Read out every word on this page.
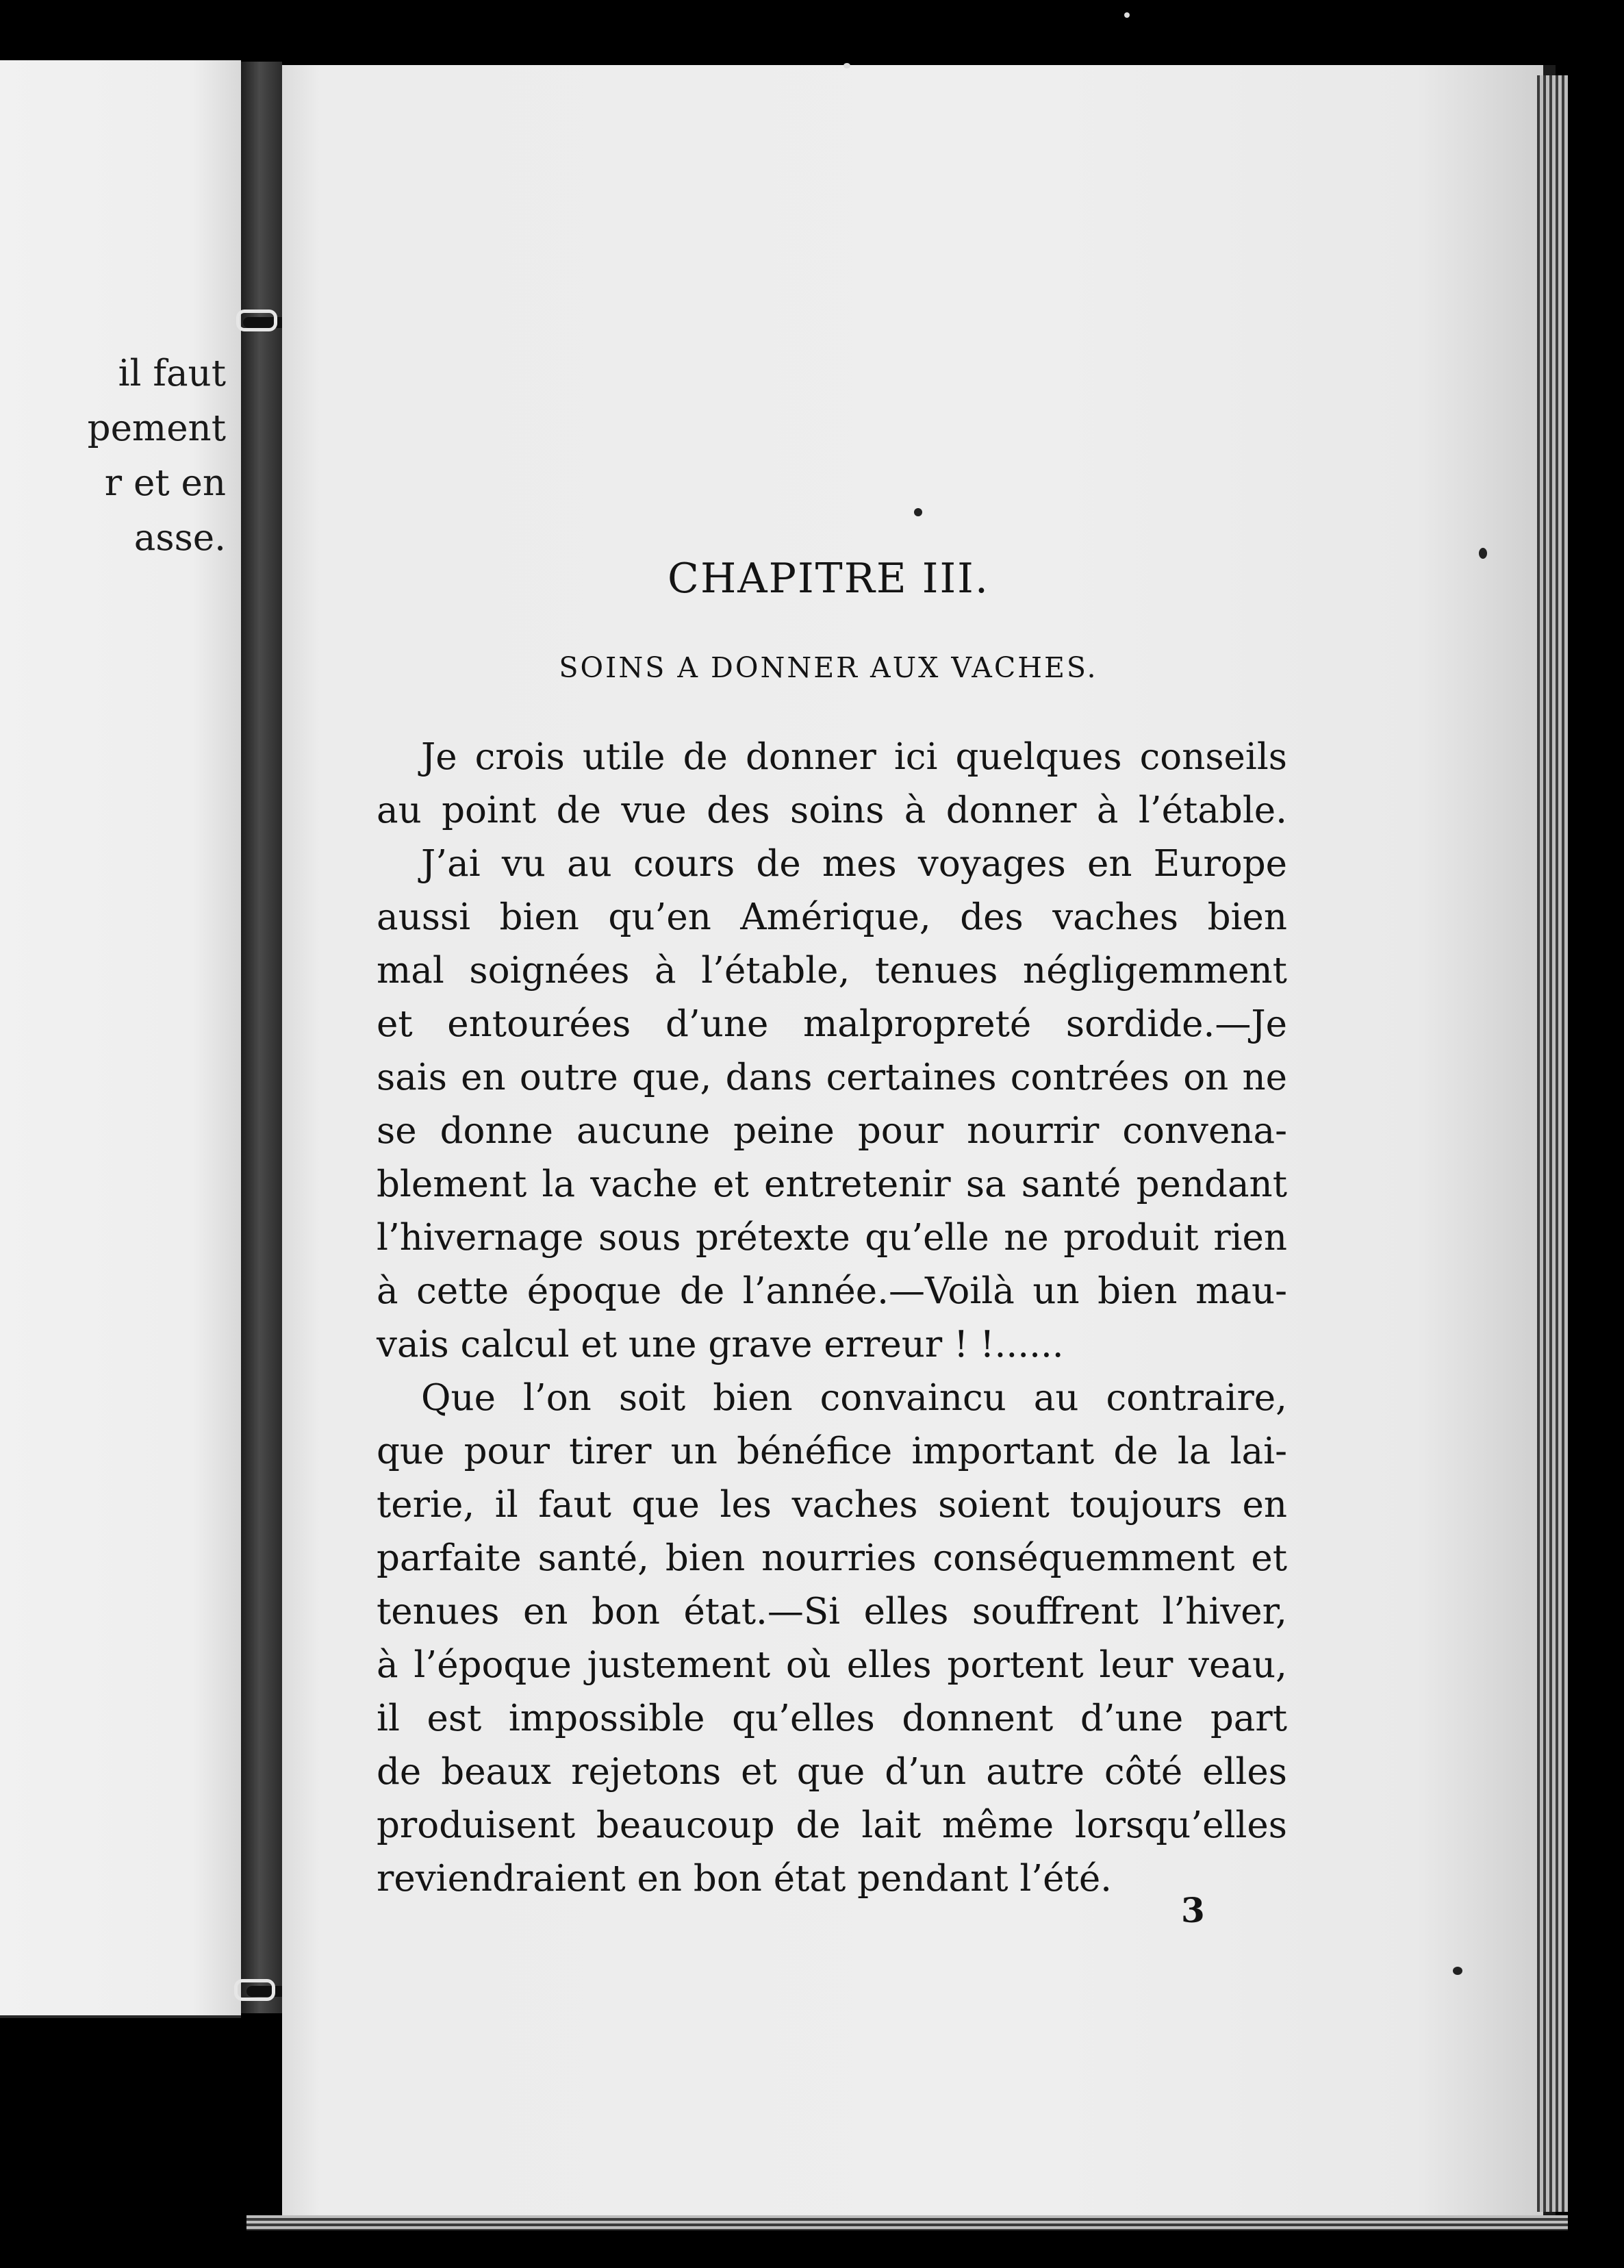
il faut
pement
r et en
asse.
CHAPITRE III.
SOINS A DONNER AUX VACHES.
Je crois utile de donner ici quelques conseils
au point de vue des soins à donner à l’étable.
J’ai vu au cours de mes voyages en Europe
aussi bien qu’en Amérique, des vaches bien
mal soignées à l’étable, tenues négligemment
et entourées d’une malpropreté sordide.—Je
sais en outre que, dans certaines contrées on ne
se donne aucune peine pour nourrir convena-
blement la vache et entretenir sa santé pendant
l’hivernage sous prétexte qu’elle ne produit rien
à cette époque de l’année.—Voilà un bien mau-
vais calcul et une grave erreur ! !......
Que l’on soit bien convaincu au contraire,
que pour tirer un bénéfice important de la lai-
terie, il faut que les vaches soient toujours en
parfaite santé, bien nourries conséquemment et
tenues en bon état.—Si elles souffrent l’hiver,
à l’époque justement où elles portent leur veau,
il est impossible qu’elles donnent d’une part
de beaux rejetons et que d’un autre côté elles
produisent beaucoup de lait même lorsqu’elles
reviendraient en bon état pendant l’été.
3
